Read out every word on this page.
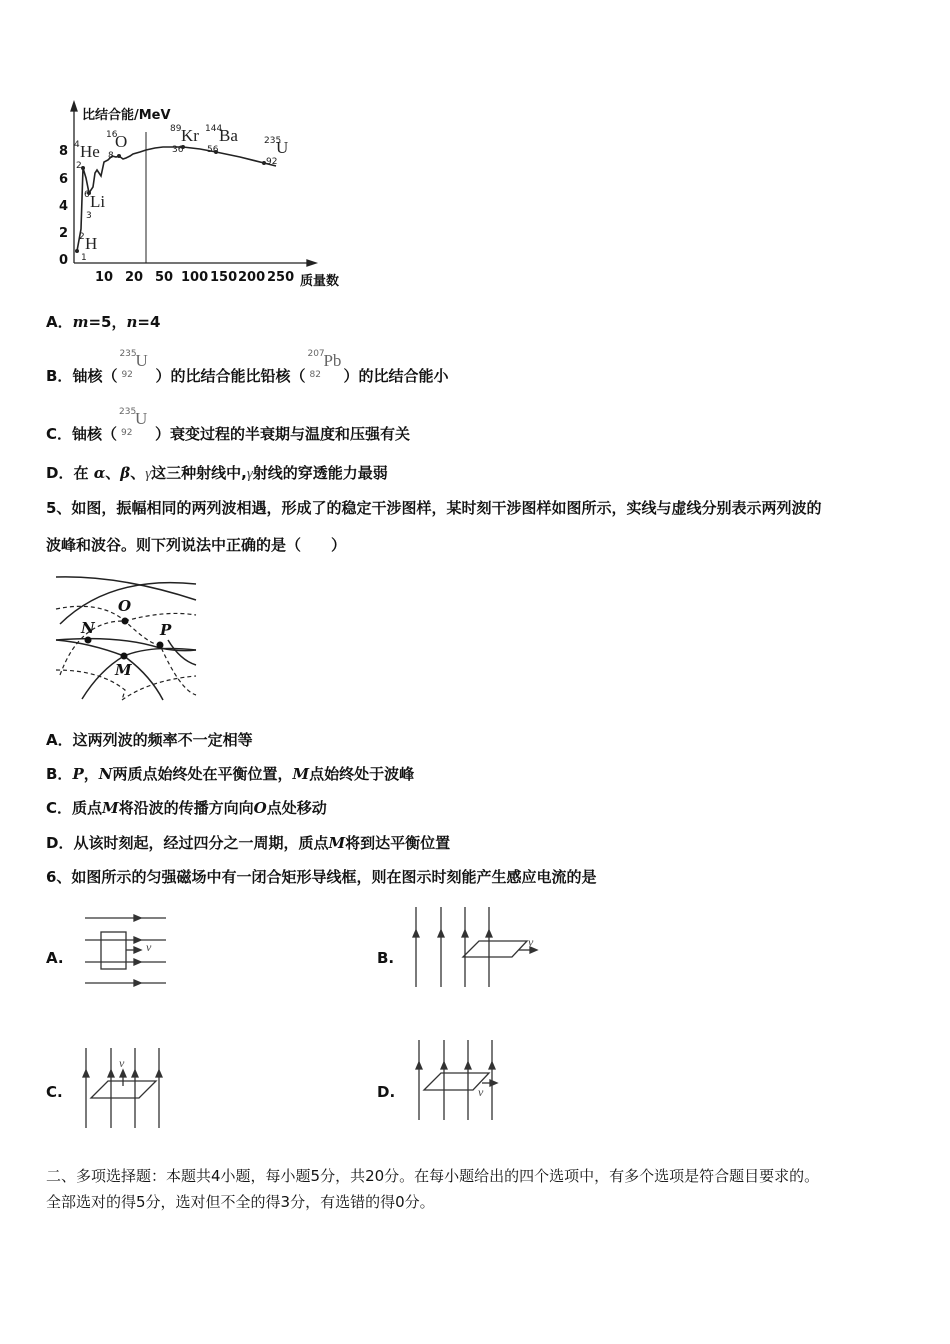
比结合能/MeV
0
2
4
6
8
10 20 50 100 150 200 250 质量数
2
1
H
4
2
He
6
3
Li
16
8
O
89
36
Kr 144
56
Ba	235
92
U
A．m=5，n=4
B．铀核（
235
92
U
）的比结合能比铅核（
207
82
Pb
）的比结合能小
C．铀核（
235
92
U
）衰变过程的半衰期与温度和压强有关
D．在 α、β、γ这三种射线中,γ射线的穿透能力最弱
5、如图，振幅相同的两列波相遇，形成了的稳定干涉图样，某时刻干涉图样如图所示，实线与虚线分别表示两列波的
波峰和波谷。则下列说法中正确的是（　　）
O
N	P
M
A．这两列波的频率不一定相等
B．P，N两质点始终处在平衡位置，M点始终处于波峰
C．质点M将沿波的传播方向向O点处移动
D．从该时刻起，经过四分之一周期，质点M将到达平衡位置
6、如图所示的匀强磁场中有一闭合矩形导线框，则在图示时刻能产生感应电流的是
A.
v
B.
v
C.
v
D.	v
二、多项选择题：本题共4小题，每小题5分，共20分。在每小题给出的四个选项中，有多个选项是符合题目要求的。
全部选对的得5分，选对但不全的得3分，有选错的得0分。
